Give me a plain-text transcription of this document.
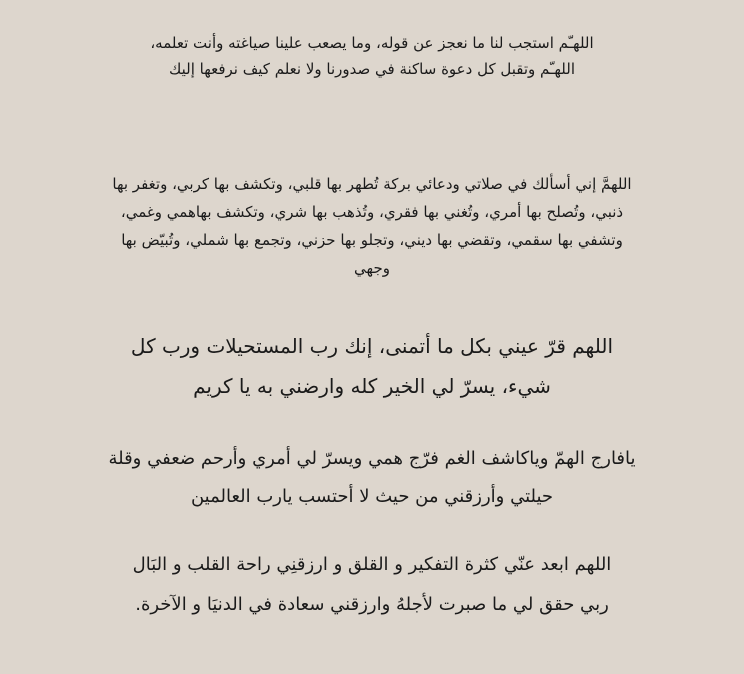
اللهـّم استجب لنا ما نعجز عن قوله، وما يصعب علينا صياغته وأنت تعلمه،
اللهـّم وتقبل كل دعوة ساكنة في صدورنا ولا نعلم كيف نرفعها إليك
اللهمَّ إني أسألك في صلاتي ودعائي بركة تُطهر بها قلبي، وتكشف بها كربي، وتغفر بها
ذنبي، وتُصلح بها أمري، وتُغني بها فقري، وتُذهب بها شري، وتكشف بهاهمي وغمي،
وتشفي بها سقمي، وتقضي بها ديني، وتجلو بها حزني، وتجمع بها شملي، وتُبيّض بها
وجهي
اللهم قرّ عيني بكل ما أتمنى، إنك رب المستحيلات ورب كل
شيء، يسرّ لي الخير كله وارضني به يا كريم
يافارج الهمّ وياكاشف الغم فرّج همي ويسرّ لي أمري وأرحم ضعفي وقلة
حيلتي وأرزقني من حيث لا أحتسب يارب العالمين
اللهم ابعد عنّي كثرة التفكير و القلق و ارزقنِي راحة القلب و البَال
ربي حقق لي ما صبرت لأجلهُ وارزقني سعادة في الدنيَا و الآخرة.
